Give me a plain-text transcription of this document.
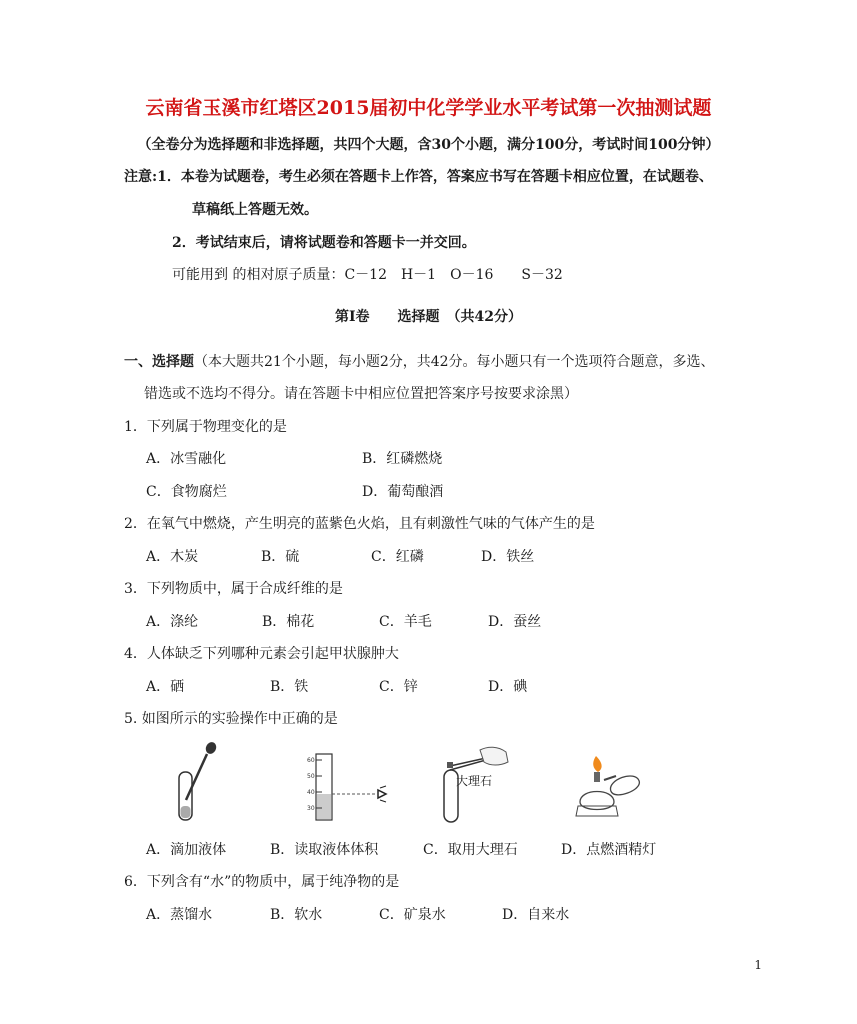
云南省玉溪市红塔区2015届初中化学学业水平考试第一次抽测试题
（全卷分为选择题和非选择题，共四个大题，含30个小题，满分100分，考试时间100分钟）
注意:1．本卷为试题卷，考生必须在答题卡上作答，答案应书写在答题卡相应位置，在试题卷、
草稿纸上答题无效。
2．考试结束后，请将试题卷和答题卡一并交回。
可能用到 的相对原子质量：C－12　H－1　O－16　　S－32
第Ⅰ卷　　选择题　（共42分）
一、选择题（本大题共21个小题，每小题2分，共42分。每小题只有一个选项符合题意，多选、
错选或不选均不得分。请在答题卡中相应位置把答案序号按要求涂黑）
1．下列属于物理变化的是
A．冰雪融化	B．红磷燃烧
C．食物腐烂	D．葡萄酿酒
2．在氧气中燃烧，产生明亮的蓝紫色火焰，且有刺激性气味的气体产生的是
A．木炭	B．硫	C．红磷	D．铁丝
3．下列物质中，属于合成纤维的是
A．涤纶	B．棉花	C．羊毛	D．蚕丝
4．人体缺乏下列哪种元素会引起甲状腺肿大
A．硒	B．铁	C．锌	D．碘
5. 如图所示的实验操作中正确的是
60
50
40
30
大理石
A．滴加液体	B．读取液体体积	C．取用大理石	D．点燃酒精灯
6．下列含有“水”的物质中，属于纯净物的是
A．蒸馏水	B．软水	C．矿泉水	D．自来水
1
